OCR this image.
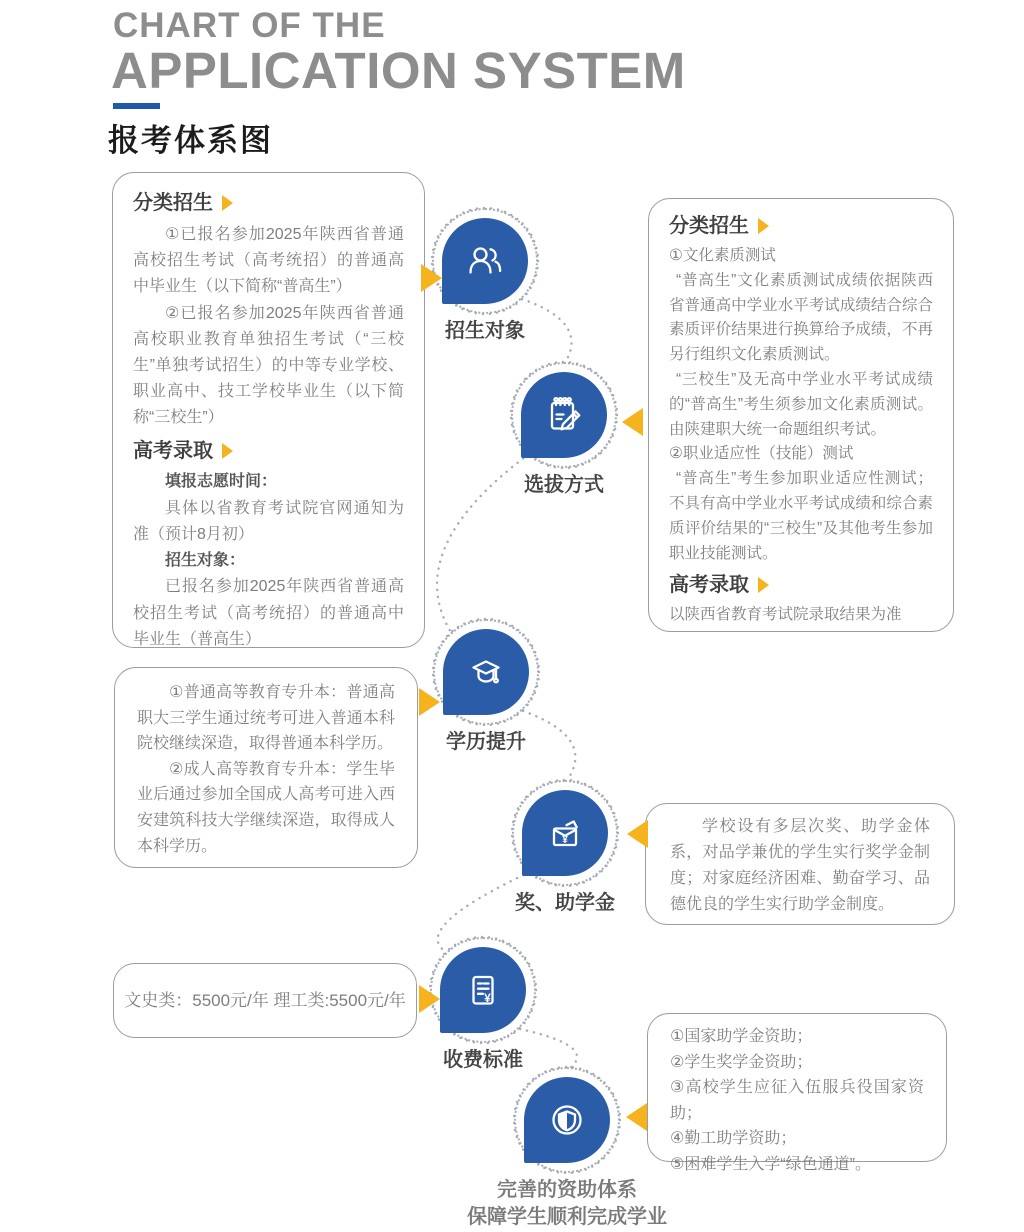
CHART OF THE
APPLICATION SYSTEM
报考体系图
分类招生

①已报名参加2025年陕西省普通高校招生考试（高考统招）的普通高中毕业生（以下简称“普高生”）

②已报名参加2025年陕西省普通高校职业教育单独招生考试（“三校生”单独考试招生）的中等专业学校、职业高中、技工学校毕业生（以下简称“三校生”）

高考录取

填报志愿时间：

具体以省教育考试院官网通知为准（预计8月初）

招生对象：

已报名参加2025年陕西省普通高校招生考试（高考统招）的普通高中毕业生（普高生）

分类招生

①文化素质测试

“普高生”文化素质测试成绩依据陕西省普通高中学业水平考试成绩结合综合素质评价结果进行换算给予成绩，不再另行组织文化素质测试。

“三校生”及无高中学业水平考试成绩的“普高生”考生须参加文化素质测试。由陕建职大统一命题组织考试。

②职业适应性（技能）测试

“普高生”考生参加职业适应性测试；不具有高中学业水平考试成绩和综合素质评价结果的“三校生”及其他考生参加职业技能测试。

高考录取

以陕西省教育考试院录取结果为准

①普通高等教育专升本：普通高职大三学生通过统考可进入普通本科院校继续深造，取得普通本科学历。

②成人高等教育专升本：学生毕业后通过参加全国成人高考可进入西安建筑科技大学继续深造，取得成人本科学历。

学校设有多层次奖、助学金体系，对品学兼优的学生实行奖学金制度；对家庭经济困难、勤奋学习、品德优良的学生实行助学金制度。

文史类：5500元/年 理工类:5500元/年

①国家助学金资助；

②学生奖学金资助；

③高校学生应征入伍服兵役国家资助；

④勤工助学资助；

⑤困难学生入学“绿色通道”。

招生对象
选拔方式
学历提升
¥
奖、助学金
¥
收费标准
完善的资助体系
保障学生顺利完成学业
